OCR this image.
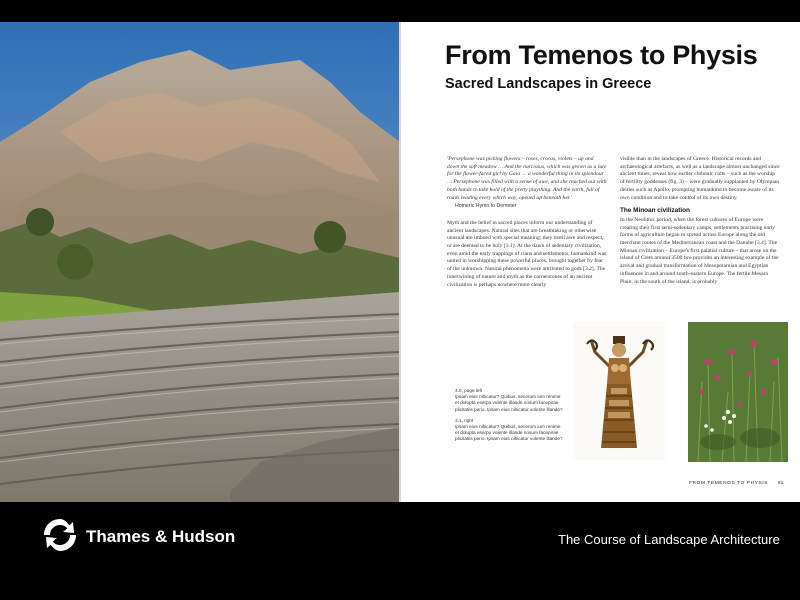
From Temenos to Physis
Sacred Landscapes in Greece

'Persephone was picking flowers – roses, crocus, violets – up and down the soft meadow … And the narcissus, which was grown as a lure for the flower-faced girl by Gaia … a wonderful thing in its splendour … Persephone was filled with a sense of awe, and she reached out with both hands to take hold of the pretty plaything. And the earth, full of roads leading every which way, opened up beneath her.'

Homeric Hymn to Demeter

Myth and the belief in sacred places inform our understanding of ancient landscapes. Natural sites that are breathtaking or otherwise unusual are imbued with special meaning: they instil awe and respect, or are deemed to be holy [3.1]. At the dawn of sedentary civilization, even amid the early trappings of clans and settlements, humankind was united in worshipping these powerful places, brought together by fear of the unknown. Natural phenomena were attributed to gods [3.2]. The intertwining of nature and myth as the cornerstones of an ancient civilization is perhaps nowhere more clearly

visible than in the landscapes of Greece. Historical records and archaeological artefacts, as well as a landscape almost unchanged since ancient times, reveal how earlier chthonic cults – such as the worship of fertility goddesses (fig. 3) – were gradually supplanted by Olympian deities such as Apollo, prompting humankind to become aware of its own condition and to take control of its own destiny.

The Minoan civilization

In the Neolithic period, when the forest cultures of Europe were creating their first semi-sedentary camps, settlements practising early forms of agriculture began to spread across Europe along the old merchant routes of the Mediterranean coast and the Danube [3.4]. The Minoan civilization – Europe's first palatial culture – that arose on the island of Crete around 3500 bce provides an interesting example of the arrival and gradual transformation of Mesopotamian and Egyptian influences in and around south-eastern Europe. The fertile Mesara Plain, in the south of the island, is probably

3.0, page left
Ipsam eius nihicatur? Quibus, secerum ium renime et dolupta eserpo volente illande nosum facepirae plicitatiis perio. Ipsam eius nihicatur volente illande?

3.1, right
Ipsam eius nihicatur? Quibus, secerum ium renime et dolupta eserpo volente illande nosum facepirae plicitatiis perio. Ipsam eius nihicatur volente illande?

FROM TEMENOS TO PHYSIS 61
Thames & Hudson	The Course of Landscape Architecture
